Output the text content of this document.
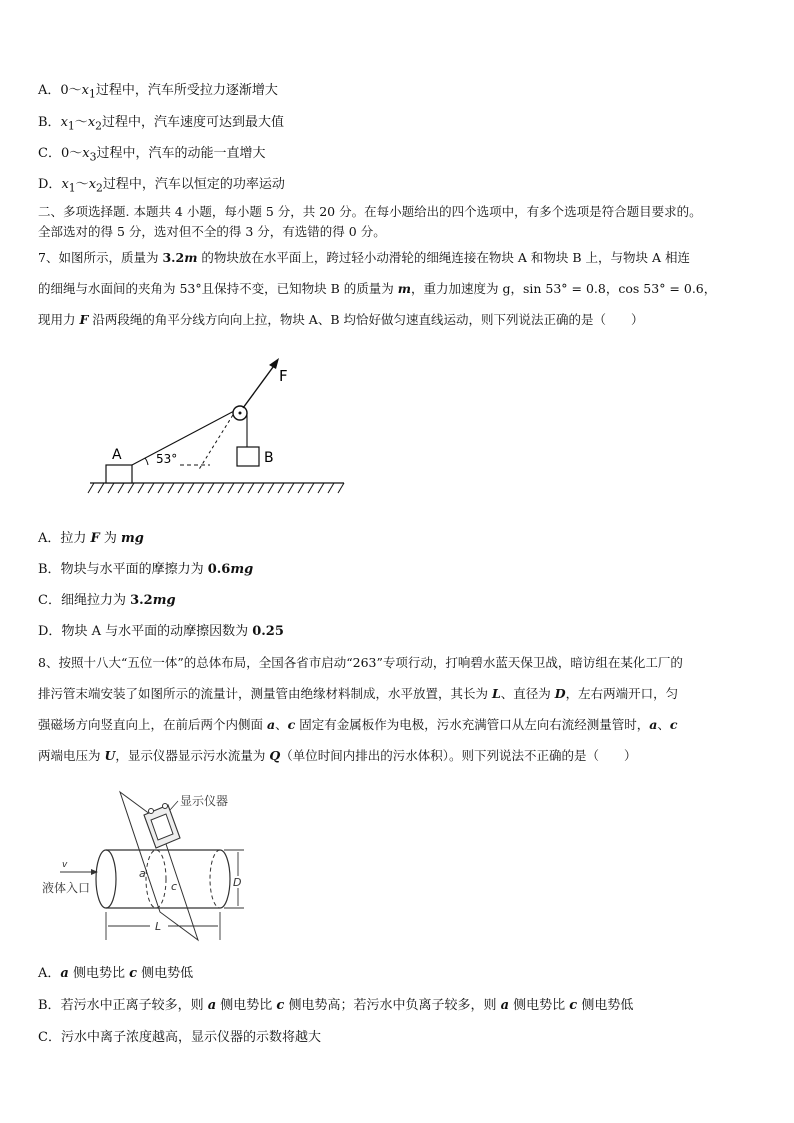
A．$0\sim x_1$过程中，汽车所受拉力逐渐增大
B．$x_1\sim x_2$过程中，汽车速度可达到最大值
C．$0\sim x_3$过程中，汽车的动能一直增大
D．$x_1\sim x_2$过程中，汽车以恒定的功率运动
二、多项选择题. 本题共 4 小题，每小题 5 分，共 20 分。在每小题给出的四个选项中，有多个选项是符合题目要求的。
全部选对的得 5 分，选对但不全的得 3 分，有选错的得 0 分。
7、如图所示，质量为 3.2m 的物块放在水平面上，跨过轻小动滑轮的细绳连接在物块 A 和物块 B 上，与物块 A 相连
的细绳与水面间的夹角为 53°且保持不变，已知物块 B 的质量为 m，重力加速度为 g，sin 53° = 0.8，cos 53° = 0.6，
现用力 F 沿两段绳的角平分线方向向上拉，物块 A、B 均恰好做匀速直线运动，则下列说法正确的是（　　）
A	53°	B
F
A．拉力 F 为 mg
B．物块与水平面的摩擦力为 0.6mg
C．细绳拉力为 3.2mg
D．物块 A 与水平面的动摩擦因数为 0.25
8、按照十八大“五位一体”的总体布局，全国各省市启动“263”专项行动，打响碧水蓝天保卫战，暗访组在某化工厂的
排污管末端安装了如图所示的流量计，测量管由绝缘材料制成，水平放置，其长为 L、直径为 D，左右两端开口，匀
强磁场方向竖直向上，在前后两个内侧面 a、c 固定有金属板作为电极，污水充满管口从左向右流经测量管时，a、c
两端电压为 U，显示仪器显示污水流量为 Q（单位时间内排出的污水体积）。则下列说法不正确的是（　　）
显示仪器
v
液体入口
a
c	D
L
A．a 侧电势比 c 侧电势低
B．若污水中正离子较多，则 a 侧电势比 c 侧电势高；若污水中负离子较多，则 a 侧电势比 c 侧电势低
C．污水中离子浓度越高，显示仪器的示数将越大
